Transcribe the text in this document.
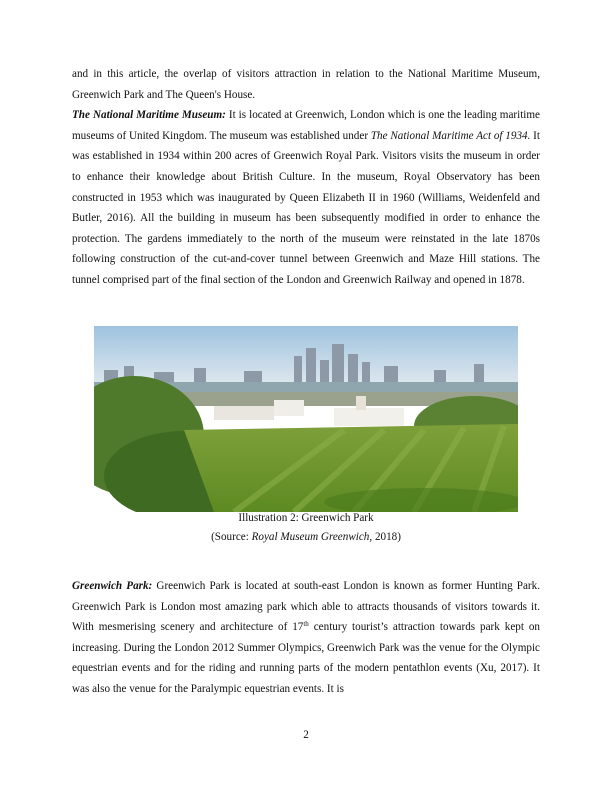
and in this article, the overlap of visitors attraction in relation to the National Maritime Museum, Greenwich Park and The Queen's House.

The National Maritime Museum: It is located at Greenwich, London which is one the leading maritime museums of United Kingdom. The museum was established under The National Maritime Act of 1934. It was established in 1934 within 200 acres of Greenwich Royal Park. Visitors visits the museum in order to enhance their knowledge about British Culture. In the museum, Royal Observatory has been constructed in 1953 which was inaugurated by Queen Elizabeth II in 1960 (Williams, Weidenfeld and Butler, 2016). All the building in museum has been subsequently modified in order to enhance the protection. The gardens immediately to the north of the museum were reinstated in the late 1870s following construction of the cut-and-cover tunnel between Greenwich and Maze Hill stations. The tunnel comprised part of the final section of the London and Greenwich Railway and opened in 1878.

Illustration 2: Greenwich Park
(Source: Royal Museum Greenwich, 2018)

Greenwich Park: Greenwich Park is located at south-east London is known as former Hunting Park. Greenwich Park is London most amazing park which able to attracts thousands of visitors towards it. With mesmerising scenery and architecture of 17th century tourist’s attraction towards park kept on increasing. During the London 2012 Summer Olympics, Greenwich Park was the venue for the Olympic equestrian events and for the riding and running parts of the modern pentathlon events (Xu, 2017). It was also the venue for the Paralympic equestrian events. It is

2
